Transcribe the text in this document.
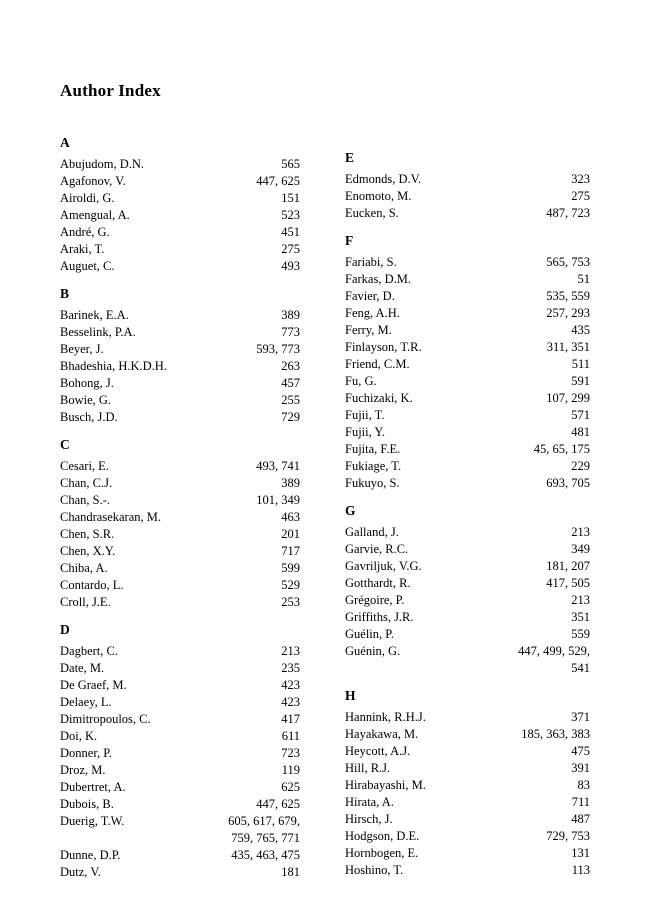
Author Index
A
Abujudom, D.N.	565
Agafonov, V.	447, 625
Airoldi, G.	151
Amengual, A.	523
André, G.	451
Araki, T.	275
Auguet, C.	493
B
Barinek, E.A.	389
Besselink, P.A.	773
Beyer, J.	593, 773
Bhadeshia, H.K.D.H.	263
Bohong, J.	457
Bowie, G.	255
Busch, J.D.	729
C
Cesari, E.	493, 741
Chan, C.J.	389
Chan, S.-.	101, 349
Chandrasekaran, M.	463
Chen, S.R.	201
Chen, X.Y.	717
Chiba, A.	599
Contardo, L.	529
Croll, J.E.	253
D
Dagbert, C.	213
Date, M.	235
De Graef, M.	423
Delaey, L.	423
Dimitropoulos, C.	417
Doi, K.	611
Donner, P.	723
Droz, M.	119
Dubertret, A.	625
Dubois, B.	447, 625
Duerig, T.W.	605, 617, 679,
759, 765, 771
Dunne, D.P.	435, 463, 475
Dutz, V.	181
E
Edmonds, D.V.	323
Enomoto, M.	275
Eucken, S.	487, 723
F
Fariabi, S.	565, 753
Farkas, D.M.	51
Favier, D.	535, 559
Feng, A.H.	257, 293
Ferry, M.	435
Finlayson, T.R.	311, 351
Friend, C.M.	511
Fu, G.	591
Fuchizaki, K.	107, 299
Fujii, T.	571
Fujii, Y.	481
Fujita, F.E.	45, 65, 175
Fukiage, T.	229
Fukuyo, S.	693, 705
G
Galland, J.	213
Garvie, R.C.	349
Gavriljuk, V.G.	181, 207
Gotthardt, R.	417, 505
Grégoire, P.	213
Griffiths, J.R.	351
Guélin, P.	559
Guénin, G.	447, 499, 529,
541
H
Hannink, R.H.J.	371
Hayakawa, M.	185, 363, 383
Heycott, A.J.	475
Hill, R.J.	391
Hirabayashi, M.	83
Hirata, A.	711
Hirsch, J.	487
Hodgson, D.E.	729, 753
Hornbogen, E.	131
Hoshino, T.	113
